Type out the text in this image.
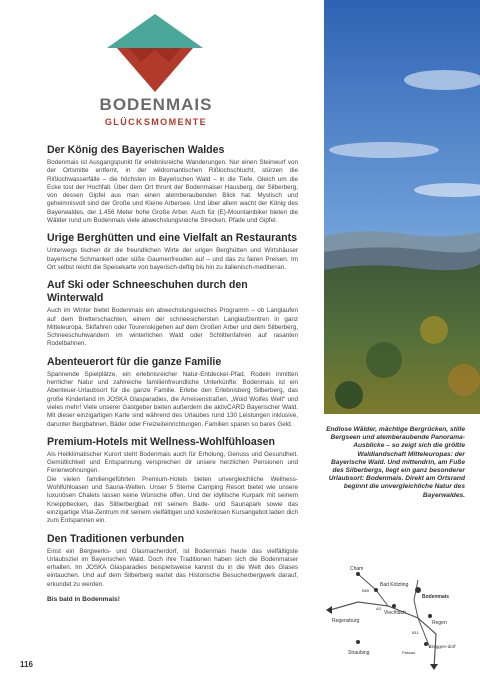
BODENMAIS
GLÜCKSMOMENTE
Der König des Bayerischen Waldes

Bodenmais ist Ausgangspunkt für erlebnisreiche Wanderungen. Nur einen Steinwurf von der Ortsmitte entfernt, in der wildromantischen Rißlochschlucht, stürzen die Rißlochwasserfälle – die höchsten im Bayerischen Wald – in die Tiefe. Gleich um die Ecke tost der Hochfall. Über dem Ort thront der Bodenmaiser Hausberg, der Silberberg, von dessen Gipfel aus man einen atemberaubenden Blick hat. Mystisch und geheimnisvoll sind der Große und Kleine Arbersee. Und über allem wacht der König des Bayerwaldes, der 1.456 Meter hohe Große Arber. Auch für (E)-Mountainbiker bieten die Wälder rund um Bodenmais viele abwechslungsreiche Strecken, Pfade und Gipfel.

Urige Berghütten und eine Vielfalt an Restaurants

Unterwegs tischen dir die freundlichen Wirte der urigen Berghütten und Wirtshäuser bayerische Schmankerl oder süße Gaumenfreuden auf – und das zu fairen Preisen. Im Ort selbst reicht die Speisekarte von bayerisch-deftig bis hin zu italienisch-mediterran.

Auf Ski oder Schneeschuhen durch den Winterwald

Auch im Winter bietet Bodenmais ein abwechslungsreiches Programm – ob Langlaufen auf dem Bretterschachten, einem der schneesichersten Langlaufzentren in ganz Mitteleuropa, Skifahren oder Tourenskigehen auf dem Großen Arber und dem Silberberg, Schneeschuhwandern im winterlichen Wald oder Schlittenfahren auf rasanten Rodelbahnen.

Abenteuerort für die ganze Familie

Spannende Spielplätze, ein erlebnisreicher Natur-Entdecker-Pfad, Rodeln inmitten herrlicher Natur und zahlreiche familienfreundliche Unterkünfte: Bodenmais ist ein Abenteuer-Urlaubsort für die ganze Familie. Erlebe den Erlebnisberg Silberberg, das große Kinderland im JOSKA Glasparadies, die Ameisenstraßen, „Woid Woifes Welt“ und vieles mehr! Viele unserer Gastgeber bieten außerdem die aktivCARD Bayerischer Wald. Mit dieser einzigartigen Karte sind während des Urlaubes rund 130 Leistungen inklusive, darunter Bergbahnen, Bäder oder Freizeiteinrichtungen. Familien sparen so bares Geld.

Premium-Hotels mit Wellness-Wohlfühloasen

Als Heilklimatischer Kurort steht Bodenmais auch für Erholung, Genuss und Gesundheit. Gemütlichkeit und Entspannung versprechen dir unsere herzlichen Pensionen und Ferienwohnungen.
Die vielen familiengeführten Premium-Hotels bieten unvergleichliche Wellness-Wohlfühloasen und Sauna-Welten. Unser 5 Sterne Camping Resort bietet wie unsere luxuriösen Chalets lassen keine Wünsche offen. Und der idyllische Kurpark mit seinem Kneippbecken, das Silberbergbad mit seinem Bade- und Saunapark sowie das einzigartige Vital-Zentrum mit seinem vielfältigen und kostenlosen Kursangebot laden dich zum Entspannen ein.

Den Traditionen verbunden

Einst ein Bergwerks- und Glasmacherdorf, ist Bodenmais heute das vielfältigste Urlaubsziel im Bayerischen Wald. Doch ihre Traditionen haben sich die Bodenmaiser erhalten. Im JOSKA Glasparadies beispielsweise kannst du in die Welt des Glases eintauchen. Und auf dem Silberberg wartet das Historische Besucherbergwerk darauf, erkundet zu werden.

Bis bald in Bodenmais!
Endlose Wälder, mächtige Bergrücken, stille Bergseen und atemberaubende Panorama-Ausblicke – so zeigt sich die größte Waldlandschaft Mitteleuropas: der Bayerische Wald. Und mittendrin, am Fuße des Silberbergs, liegt ein ganz besonderer Urlaubsort: Bodenmais. Direkt am Ortsrand beginnt die unvergleichliche Natur des Bayerwaldes.
Cham
Bad Kötzting
Bodenmais
Viechtach
Regen
Regensburg
A3
B85
B11
Passau
Deggen-dorf
Straubing
116
